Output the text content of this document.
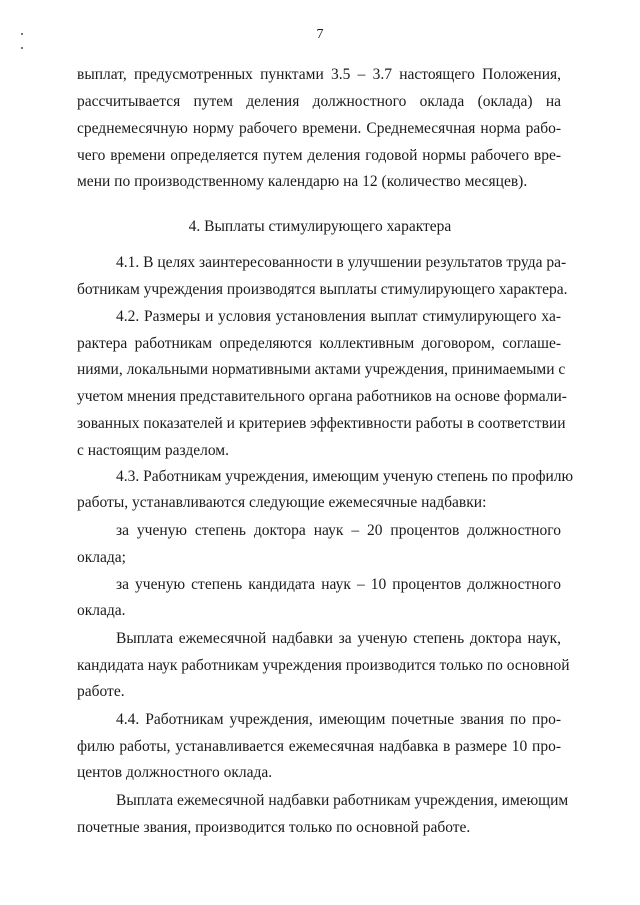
7
выплат, предусмотренных пунктами 3.5 – 3.7 настоящего Положения,
рассчитывается путем деления должностного оклада (оклада) на
среднемесячную норму рабочего времени. Среднемесячная норма рабо-
чего времени определяется путем деления годовой нормы рабочего вре-
мени по производственному календарю на 12 (количество месяцев).
4. Выплаты стимулирующего характера
4.1. В целях заинтересованности в улучшении результатов труда ра-
ботникам учреждения производятся выплаты стимулирующего характера.
4.2. Размеры и условия установления выплат стимулирующего ха-
рактера работникам определяются коллективным договором, соглаше-
ниями, локальными нормативными актами учреждения, принимаемыми с
учетом мнения представительного органа работников на основе формали-
зованных показателей и критериев эффективности работы в соответствии
с настоящим разделом.
4.3. Работникам учреждения, имеющим ученую степень по профилю
работы, устанавливаются следующие ежемесячные надбавки:
за ученую степень доктора наук – 20 процентов должностного
оклада;
за ученую степень кандидата наук – 10 процентов должностного
оклада.
Выплата ежемесячной надбавки за ученую степень доктора наук,
кандидата наук работникам учреждения производится только по основной
работе.
4.4. Работникам учреждения, имеющим почетные звания по про-
филю работы, устанавливается ежемесячная надбавка в размере 10 про-
центов должностного оклада.
Выплата ежемесячной надбавки работникам учреждения, имеющим
почетные звания, производится только по основной работе.
